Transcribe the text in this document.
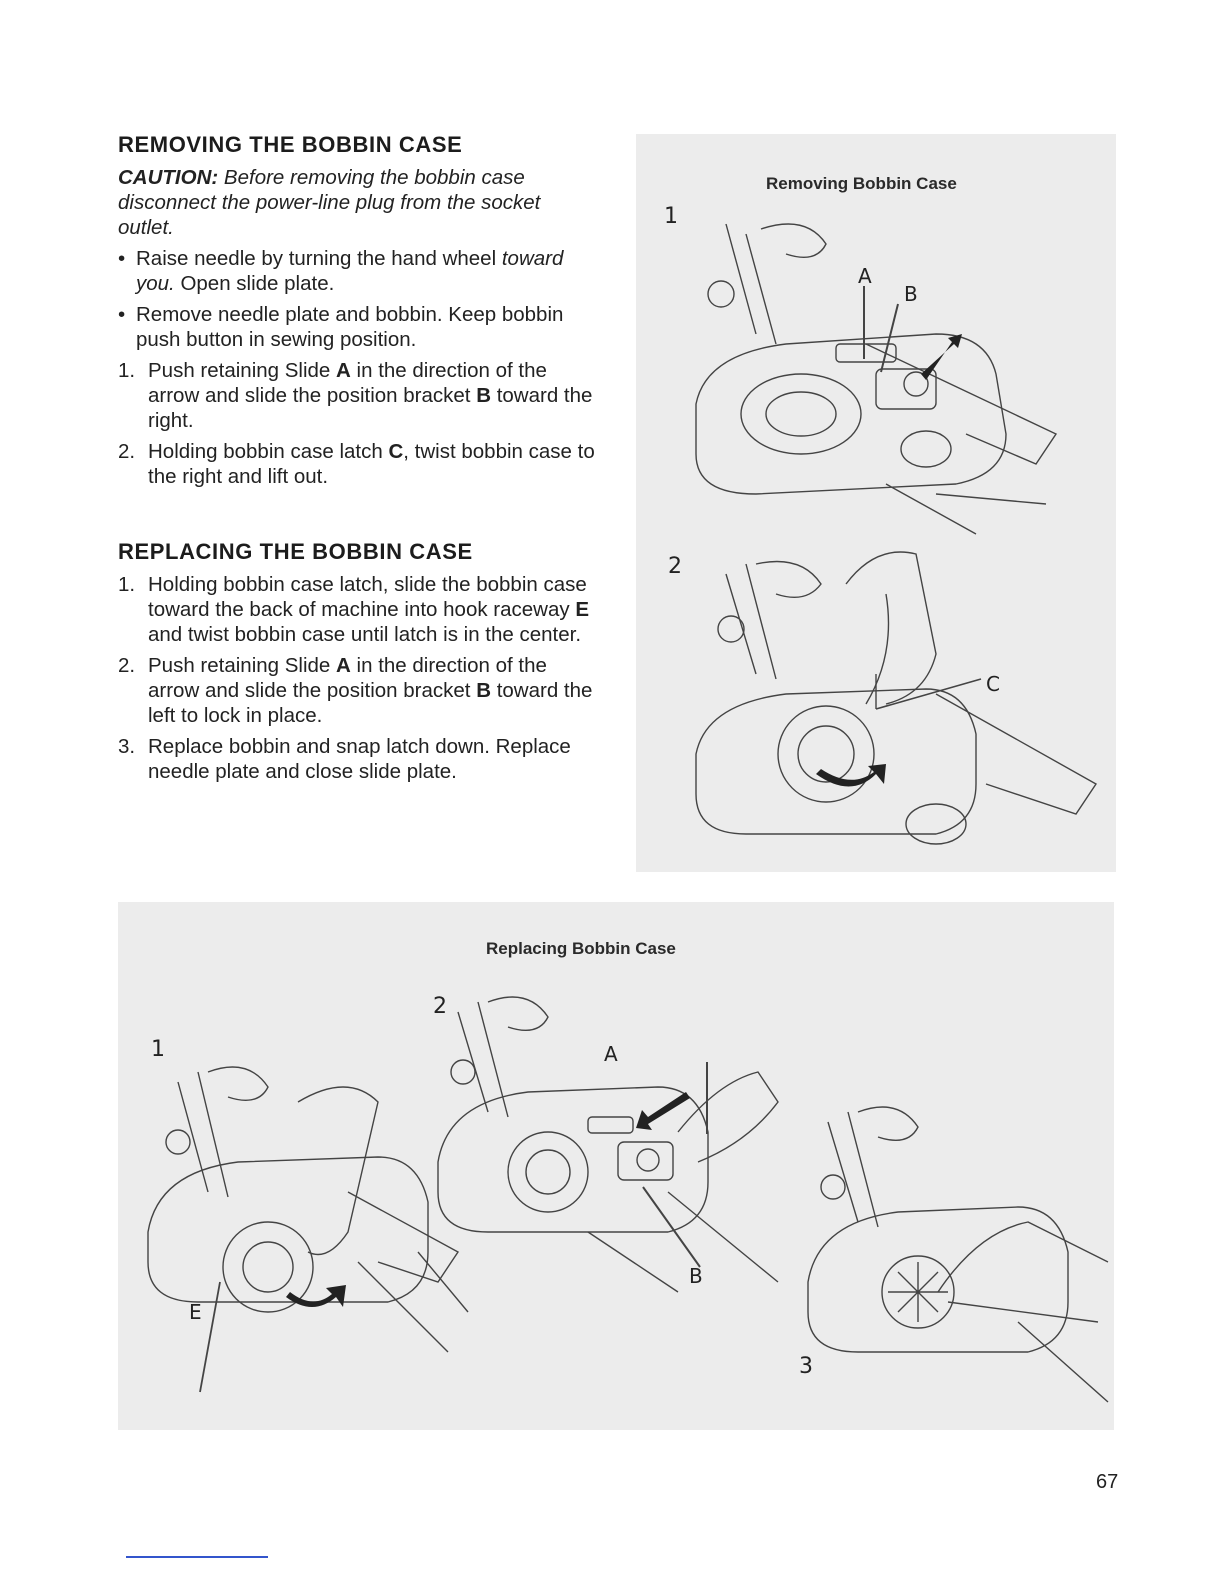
REMOVING THE BOBBIN CASE

CAUTION: Before removing the bobbin case disconnect the power-line plug from the socket outlet.

• Raise needle by turning the hand wheel toward you. Open slide plate.
• Remove needle plate and bobbin. Keep bobbin push button in sewing position.
1. Push retaining Slide A in the direction of the arrow and slide the position bracket B toward the right.
2. Holding bobbin case latch C, twist bobbin case to the right and lift out.
REPLACING THE BOBBIN CASE
1. Holding bobbin case latch, slide the bobbin case toward the back of machine into hook raceway E and twist bobbin case until latch is in the center.
2. Push retaining Slide A in the direction of the arrow and slide the position bracket B toward the left to lock in place.
3. Replace bobbin and snap latch down. Replace needle plate and close slide plate.
Removing Bobbin Case
1
2
A
B
C
Replacing Bobbin Case
1
2
3
E
A
B
67
